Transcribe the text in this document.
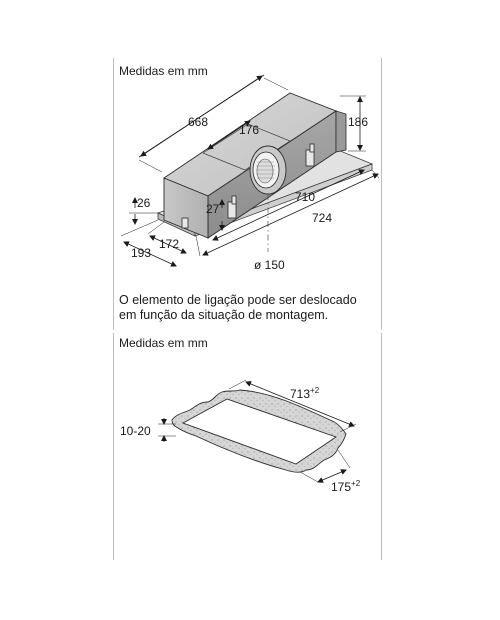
Medidas em mm
668
176
186
710
724
26	27
193
172
ø 150
O elemento de ligação pode ser deslocado
em função da situação de montagem.
Medidas em mm
$713^{+2}$
$175^{+2}$
10-20
